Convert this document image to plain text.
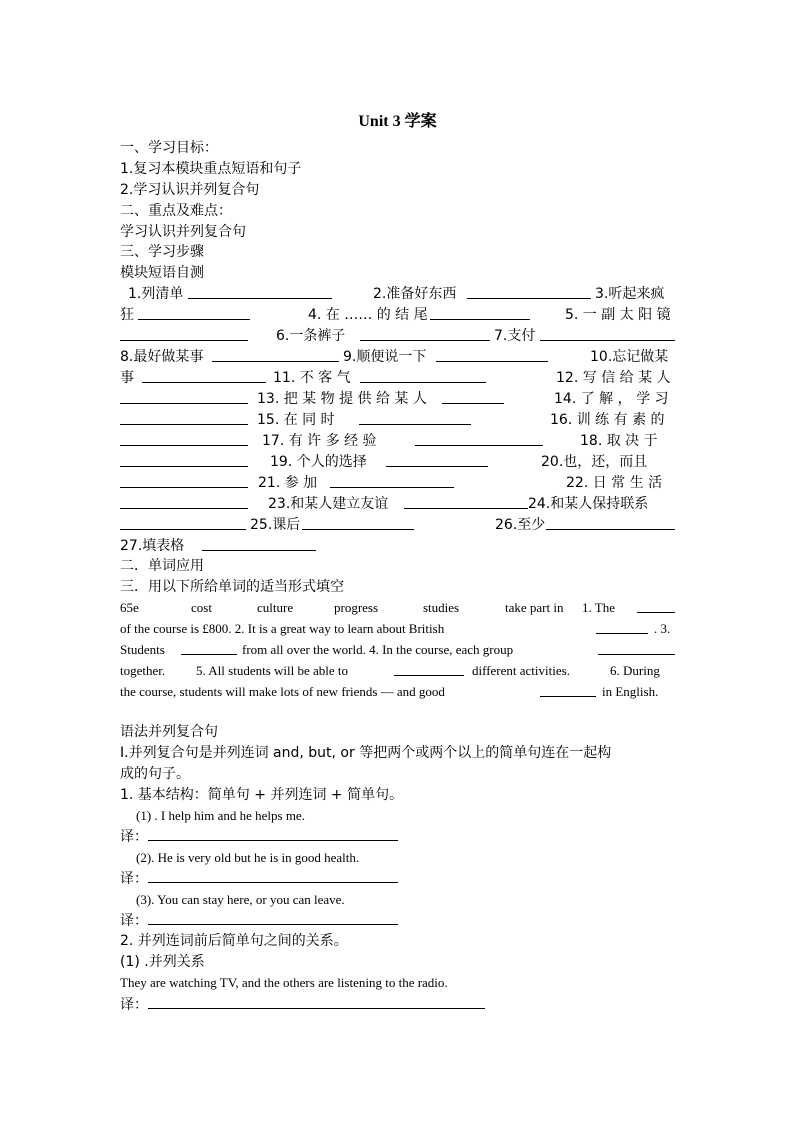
Unit 3 学案
一、学习目标：
1.复习本模块重点短语和句子
2.学习认识并列复合句
二、重点及难点：
学习认识并列复合句
三、学习步骤
模块短语自测
1.列清单	2.准备好东西	3.听起来疯
狂	4. 在 …… 的 结 尾	5. 一 副 太 阳 镜
6.一条裤子	7.支付
8.最好做某事	9.顺便说一下	10.忘记做某
事	11. 不 客 气	12. 写 信 给 某 人
13. 把 某 物 提 供 给 某 人	14. 了 解 ， 学 习
15. 在 同 时	16. 训 练 有 素 的
17. 有 许 多 经 验	18. 取 决 于
19. 个人的选择	20.也，还，而且
21. 参 加	22. 日 常 生 活
23.和某人建立友谊	24.和某人保持联系
25.课后	26.至少
27.填表格
二．单词应用
三．用以下所给单词的适当形式填空
65e	cost	culture	progress	studies	take part in 1. The
of the course is £800. 2. It is a great way to learn about British	. 3.
Students	from all over the world. 4. In the course, each group
together. 5. All students will be able to	different activities.	6. During
the course, students will make lots of new friends — and good	in English.
语法并列复合句
Ⅰ.并列复合句是并列连词 and, but, or 等把两个或两个以上的简单句连在一起构
成的句子。
1. 基本结构：简单句 + 并列连词 + 简单句。
(1) . I help him and he helps me.
译：
(2). He is very old but he is in good health.
译：
(3). You can stay here, or you can leave.
译：
2. 并列连词前后简单句之间的关系。
(1) .并列关系
They are watching TV, and the others are listening to the radio.
译：
